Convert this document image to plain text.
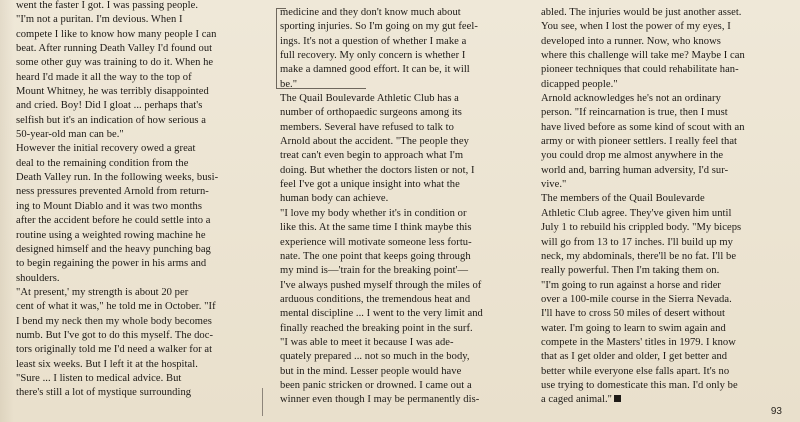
went the faster I got. I was passing people.

"I'm not a puritan. I'm devious. When I

compete I like to know how many people I can

beat. After running Death Valley I'd found out

some other guy was training to do it. When he

heard I'd made it all the way to the top of

Mount Whitney, he was terribly disappointed

and cried. Boy! Did I gloat ... perhaps that's

selfish but it's an indication of how serious a

50-year-old man can be."

However the initial recovery owed a great

deal to the remaining condition from the

Death Valley run. In the following weeks, busi-

ness pressures prevented Arnold from return-

ing to Mount Diablo and it was two months

after the accident before he could settle into a

routine using a weighted rowing machine he

designed himself and the heavy punching bag

to begin regaining the power in his arms and

shoulders.

"At present,' my strength is about 20 per

cent of what it was," he told me in October. "If

I bend my neck then my whole body becomes

numb. But I've got to do this myself. The doc-

tors originally told me I'd need a walker for at

least six weeks. But I left it at the hospital.

"Sure ... I listen to medical advice. But

there's still a lot of mystique surrounding

medicine and they don't know much about

sporting injuries. So I'm going on my gut feel-

ings. It's not a question of whether I make a

full recovery. My only concern is whether I

make a damned good effort. It can be, it will

be."

The Quail Boulevarde Athletic Club has a

number of orthopaedic surgeons among its

members. Several have refused to talk to

Arnold about the accident. "The people they

treat can't even begin to approach what I'm

doing. But whether the doctors listen or not, I

feel I've got a unique insight into what the

human body can achieve.

"I love my body whether it's in condition or

like this. At the same time I think maybe this

experience will motivate someone less fortu-

nate. The one point that keeps going through

my mind is—'train for the breaking point'—

I've always pushed myself through the miles of

arduous conditions, the tremendous heat and

mental discipline ... I went to the very limit and

finally reached the breaking point in the surf.

"I was able to meet it because I was ade-

quately prepared ... not so much in the body,

but in the mind. Lesser people would have

been panic stricken or drowned. I came out a

winner even though I may be permanently dis-

abled. The injuries would be just another asset.

You see, when I lost the power of my eyes, I

developed into a runner. Now, who knows

where this challenge will take me? Maybe I can

pioneer techniques that could rehabilitate han-

dicapped people."

Arnold acknowledges he's not an ordinary

person. "If reincarnation is true, then I must

have lived before as some kind of scout with an

army or with pioneer settlers. I really feel that

you could drop me almost anywhere in the

world and, barring human adversity, I'd sur-

vive."

The members of the Quail Boulevarde

Athletic Club agree. They've given him until

July 1 to rebuild his crippled body. "My biceps

will go from 13 to 17 inches. I'll build up my

neck, my abdominals, there'll be no fat. I'll be

really powerful. Then I'm taking them on.

"I'm going to run against a horse and rider

over a 100-mile course in the Sierra Nevada.

I'll have to cross 50 miles of desert without

water. I'm going to learn to swim again and

compete in the Masters' titles in 1979. I know

that as I get older and older, I get better and

better while everyone else falls apart. It's no

use trying to domesticate this man. I'd only be

a caged animal."

93
